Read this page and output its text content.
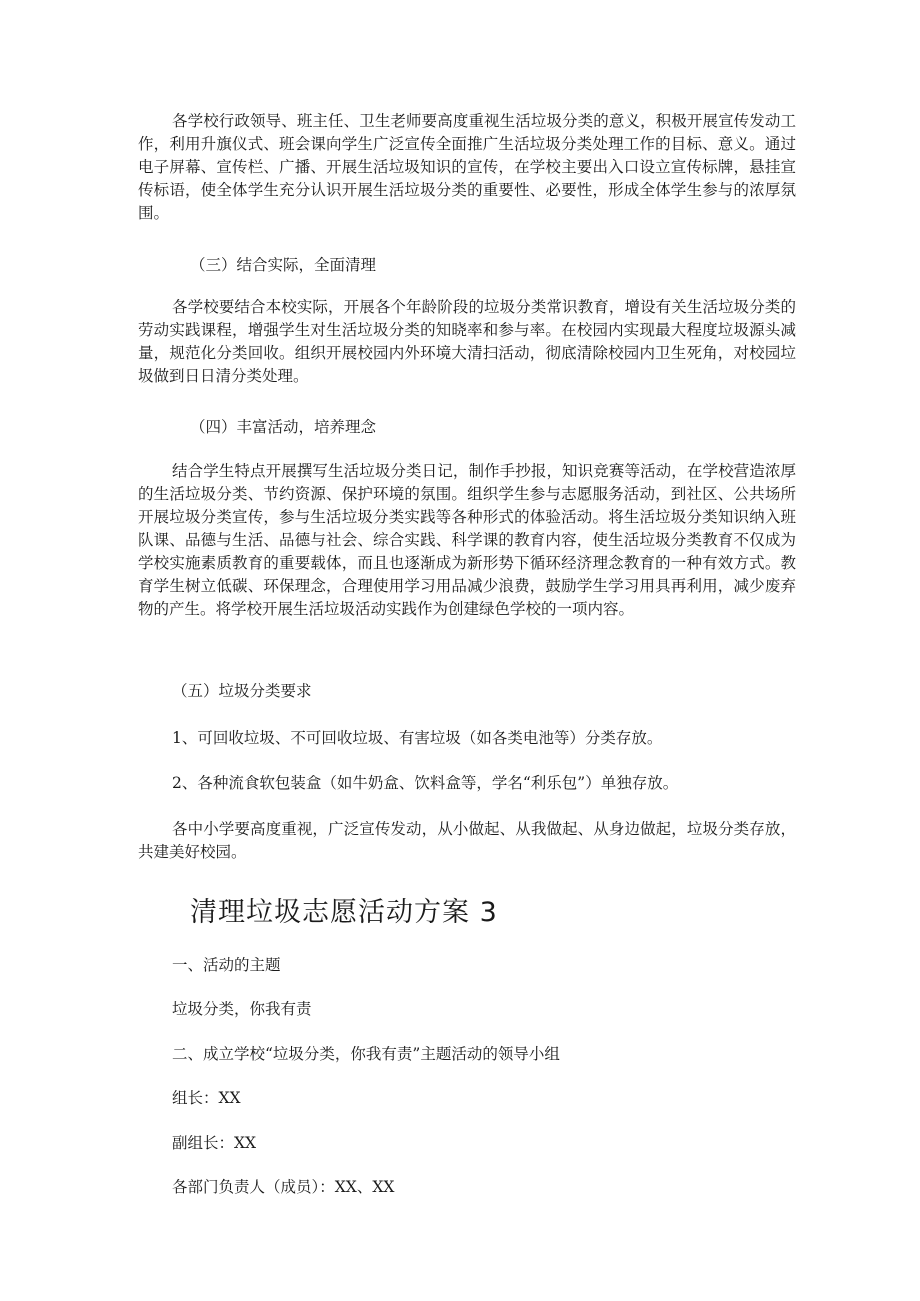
各学校行政领导、班主任、卫生老师要高度重视生活垃圾分类的意义，积极开展宣传发动工作，利用升旗仪式、班会课向学生广泛宣传全面推广生活垃圾分类处理工作的目标、意义。通过电子屏幕、宣传栏、广播、开展生活垃圾知识的宣传，在学校主要出入口设立宣传标牌，悬挂宣传标语，使全体学生充分认识开展生活垃圾分类的重要性、必要性，形成全体学生参与的浓厚氛围。

（三）结合实际，全面清理

各学校要结合本校实际，开展各个年龄阶段的垃圾分类常识教育，增设有关生活垃圾分类的劳动实践课程，增强学生对生活垃圾分类的知晓率和参与率。在校园内实现最大程度垃圾源头减量，规范化分类回收。组织开展校园内外环境大清扫活动，彻底清除校园内卫生死角，对校园垃圾做到日日清分类处理。

（四）丰富活动，培养理念

结合学生特点开展撰写生活垃圾分类日记，制作手抄报，知识竞赛等活动，在学校营造浓厚的生活垃圾分类、节约资源、保护环境的氛围。组织学生参与志愿服务活动，到社区、公共场所开展垃圾分类宣传，参与生活垃圾分类实践等各种形式的体验活动。将生活垃圾分类知识纳入班队课、品德与生活、品德与社会、综合实践、科学课的教育内容，使生活垃圾分类教育不仅成为学校实施素质教育的重要载体，而且也逐渐成为新形势下循环经济理念教育的一种有效方式。教育学生树立低碳、环保理念，合理使用学习用品减少浪费，鼓励学生学习用具再利用，减少废弃物的产生。将学校开展生活垃圾活动实践作为创建绿色学校的一项内容。

（五）垃圾分类要求
1、可回收垃圾、不可回收垃圾、有害垃圾（如各类电池等）分类存放。
2、各种流食软包装盒（如牛奶盒、饮料盒等，学名“利乐包”）单独存放。

各中小学要高度重视，广泛宣传发动，从小做起、从我做起、从身边做起，垃圾分类存放，共建美好校园。

清理垃圾志愿活动方案 3
一、活动的主题
垃圾分类，你我有责
二、成立学校“垃圾分类，你我有责”主题活动的领导小组
组长：XX
副组长：XX
各部门负责人（成员）：XX、XX
